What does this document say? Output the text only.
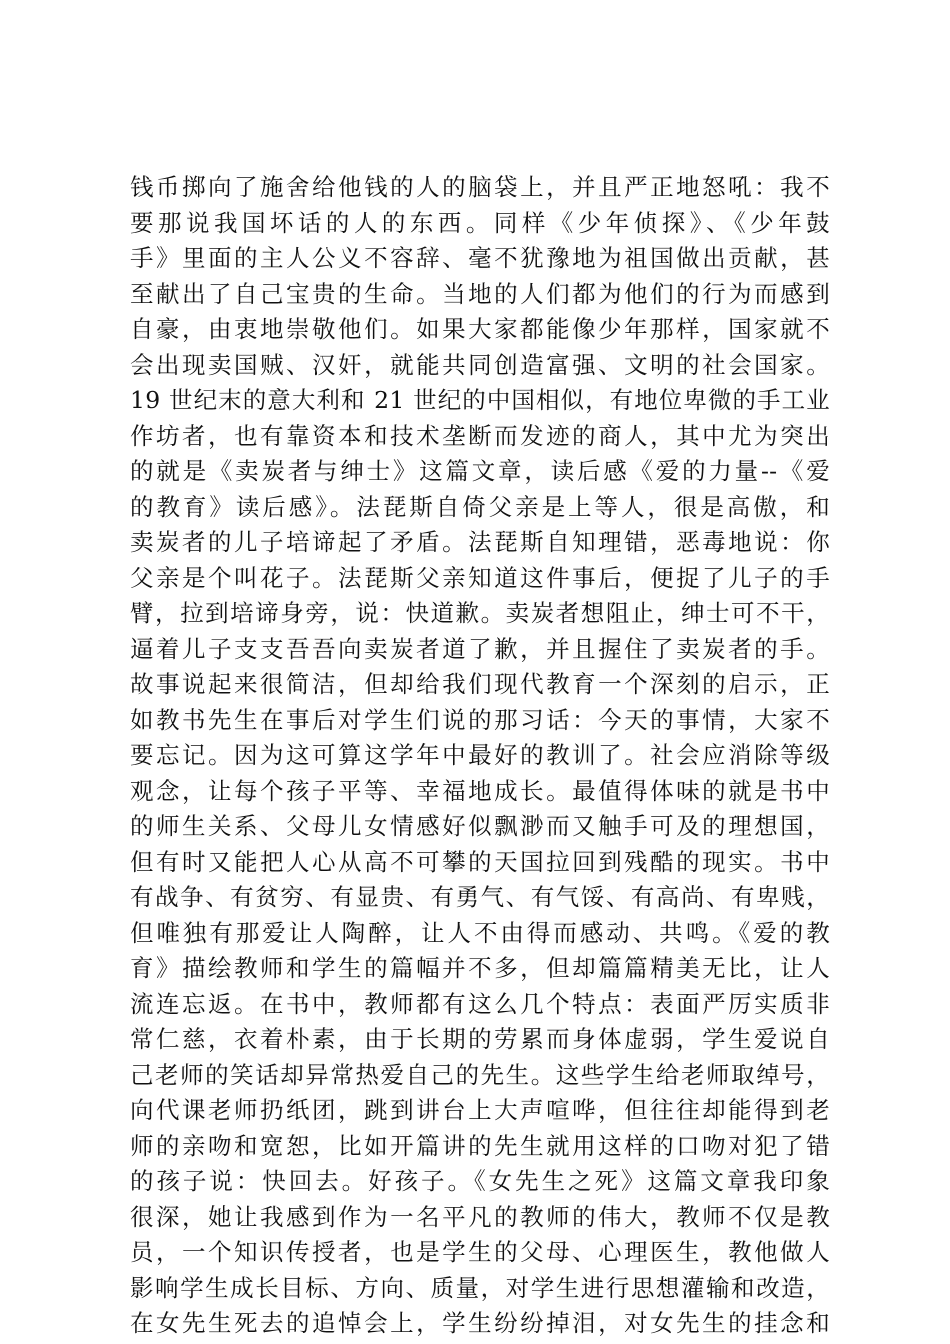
钱币掷向了施舍给他钱的人的脑袋上，并且严正地怒吼：我不
要那说我国坏话的人的东西。同样《少年侦探》、《少年鼓
手》里面的主人公义不容辞、毫不犹豫地为祖国做出贡献，甚
至献出了自己宝贵的生命。当地的人们都为他们的行为而感到
自豪，由衷地崇敬他们。如果大家都能像少年那样，国家就不
会出现卖国贼、汉奸，就能共同创造富强、文明的社会国家。
19 世纪末的意大利和 21 世纪的中国相似，有地位卑微的手工业
作坊者，也有靠资本和技术垄断而发迹的商人，其中尤为突出
的就是《卖炭者与绅士》这篇文章，读后感《爱的力量--《爱
的教育》读后感》。法琵斯自倚父亲是上等人，很是高傲，和
卖炭者的儿子培谛起了矛盾。法琵斯自知理错，恶毒地说：你
父亲是个叫花子。法琵斯父亲知道这件事后，便捉了儿子的手
臂，拉到培谛身旁，说：快道歉。卖炭者想阻止，绅士可不干，
逼着儿子支支吾吾向卖炭者道了歉，并且握住了卖炭者的手。
故事说起来很简洁，但却给我们现代教育一个深刻的启示，正
如教书先生在事后对学生们说的那习话：今天的事情，大家不
要忘记。因为这可算这学年中最好的教训了。社会应消除等级
观念，让每个孩子平等、幸福地成长。最值得体味的就是书中
的师生关系、父母儿女情感好似飘渺而又触手可及的理想国，
但有时又能把人心从高不可攀的天国拉回到残酷的现实。书中
有战争、有贫穷、有显贵、有勇气、有气馁、有高尚、有卑贱，
但唯独有那爱让人陶醉，让人不由得而感动、共鸣。《爱的教
育》描绘教师和学生的篇幅并不多，但却篇篇精美无比，让人
流连忘返。在书中，教师都有这么几个特点：表面严厉实质非
常仁慈，衣着朴素，由于长期的劳累而身体虚弱，学生爱说自
己老师的笑话却异常热爱自己的先生。这些学生给老师取绰号，
向代课老师扔纸团，跳到讲台上大声喧哗，但往往却能得到老
师的亲吻和宽恕，比如开篇讲的先生就用这样的口吻对犯了错
的孩子说：快回去。好孩子。《女先生之死》这篇文章我印象
很深，她让我感到作为一名平凡的教师的伟大，教师不仅是教
员，一个知识传授者，也是学生的父母、心理医生，教他做人
影响学生成长目标、方向、质量，对学生进行思想灌输和改造，
在女先生死去的追悼会上，学生纷纷掉泪，对女先生的挂念和
